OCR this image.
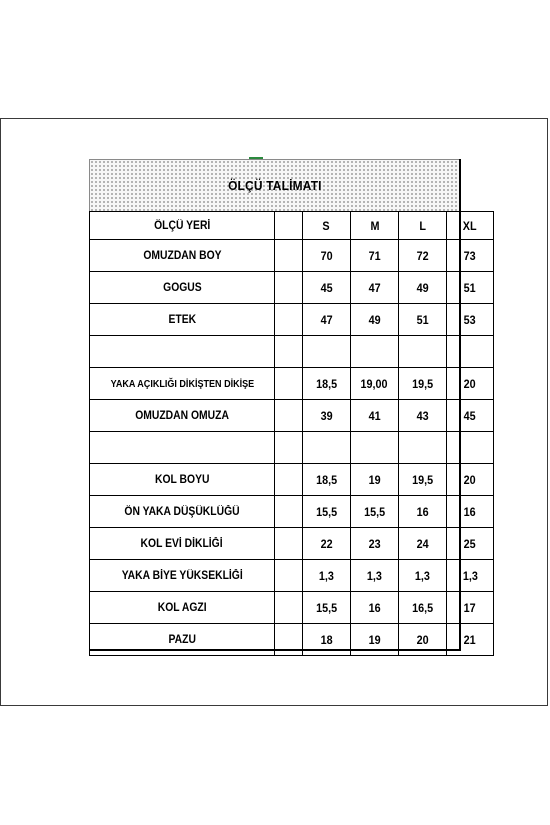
ÖLÇÜ TALİMATI
ÖLÇÜ YERİ		S	M	L	XL
OMUZDAN BOY		70	71	72	73
GOGUS		45	47	49	51
ETEK		47	49	51	53

YAKA AÇIKLIĞI DİKİŞTEN DİKİŞE		18,5	19,00	19,5	20
OMUZDAN OMUZA		39	41	43	45

KOL BOYU		18,5	19	19,5	20
ÖN YAKA DÜŞÜKLÜĞÜ		15,5	15,5	16	16
KOL EVİ DİKLİĞİ		22	23	24	25
YAKA BİYE YÜKSEKLİĞİ		1,3	1,3	1,3	1,3
KOL AGZI		15,5	16	16,5	17
PAZU		18	19	20	21
